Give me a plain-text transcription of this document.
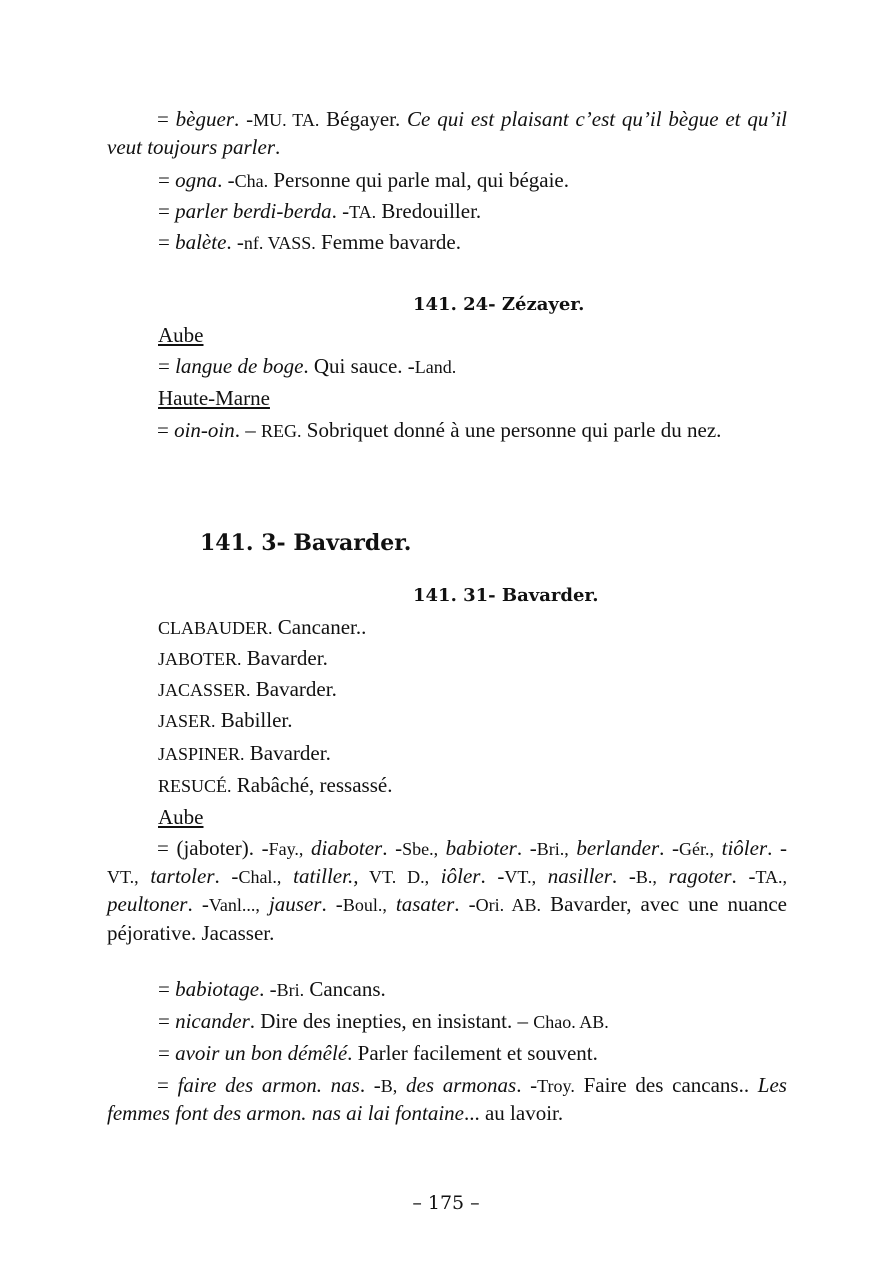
= bèguer. -MU. TA. Bégayer. Ce qui est plaisant c’est qu’il bègue et qu’il veut toujours parler.
= ogna. -Cha. Personne qui parle mal, qui bégaie.
= parler berdi-berda. -TA. Bredouiller.
= balète. -nf. VASS. Femme bavarde.
141. 24- Zézayer.
Aube
= langue de boge. Qui sauce. -Land.
Haute-Marne
= oin-oin. – REG. Sobriquet donné à une personne qui parle du nez.
141. 3- Bavarder.
141. 31- Bavarder.
CLABAUDER. Cancaner..
JABOTER. Bavarder.
JACASSER. Bavarder.
JASER. Babiller.
JASPINER. Bavarder.
RESUCÉ. Rabâché, ressassé.
Aube
= (jaboter). -Fay., diaboter. -Sbe., babioter. -Bri., berlander. -Gér., tiôler. -VT., tartoler. -Chal., tatiller., VT. D., iôler. -VT., nasiller. -B., ragoter. -TA., peultoner. -Vanl..., jauser. -Boul., tasater. -Ori. AB. Bavarder, avec une nuance péjorative. Jacasser.
= babiotage. -Bri. Cancans.
= nicander. Dire des inepties, en insistant. – Chao. AB.
= avoir un bon démêlé. Parler facilement et souvent.
= faire des armon. nas. -B, des armonas. -Troy. Faire des cancans.. Les femmes font des armon. nas ai lai fontaine... au lavoir.
– 175 –
